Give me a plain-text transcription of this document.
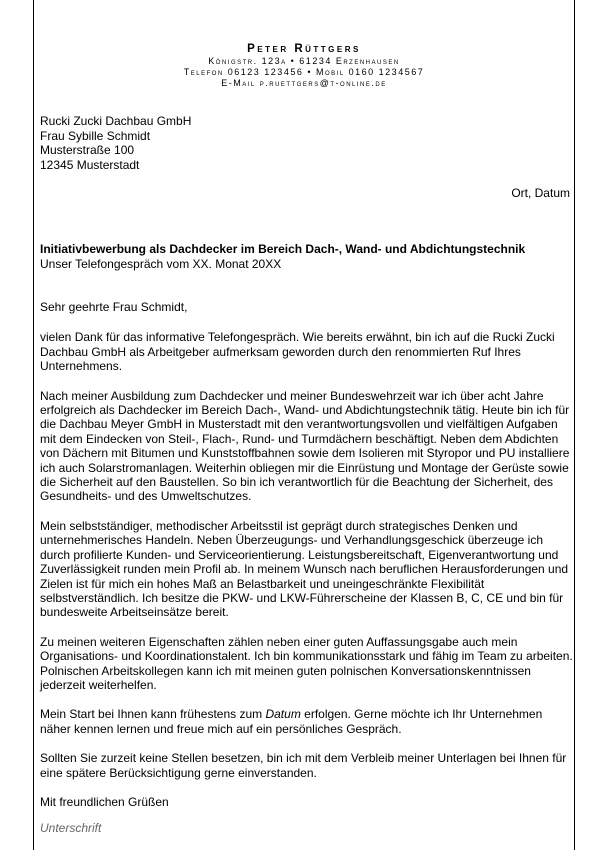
Peter Rüttgers
Königstr. 123a • 61234 Erzenhausen
Telefon 06123 123456 • Mobil 0160 1234567
E-Mail p.ruettgers@t-online.de
Rucki Zucki Dachbau GmbH
Frau Sybille Schmidt
Musterstraße 100
12345 Musterstadt
Ort, Datum
Initiativbewerbung als Dachdecker im Bereich Dach-, Wand- und Abdichtungstechnik
Unser Telefongespräch vom XX. Monat 20XX

Sehr geehrte Frau Schmidt,

vielen Dank für das informative Telefongespräch. Wie bereits erwähnt, bin ich auf die Rucki Zucki Dachbau GmbH als Arbeitgeber aufmerksam geworden durch den renommierten Ruf Ihres Unternehmens.

Nach meiner Ausbildung zum Dachdecker und meiner Bundeswehrzeit war ich über acht Jahre erfolgreich als Dachdecker im Bereich Dach-, Wand- und Abdichtungstechnik tätig. Heute bin ich für die Dachbau Meyer GmbH in Musterstadt mit den verantwortungsvollen und vielfältigen Aufgaben mit dem Eindecken von Steil-, Flach-, Rund- und Turmdächern beschäftigt. Neben dem Abdichten von Dächern mit Bitumen und Kunststoffbahnen sowie dem Isolieren mit Styropor und PU installiere ich auch Solarstromanlagen. Weiterhin obliegen mir die Einrüstung und Montage der Gerüste sowie die Sicherheit auf den Baustellen. So bin ich verantwortlich für die Beachtung der Sicherheit, des Gesundheits- und des Umweltschutzes.

Mein selbstständiger, methodischer Arbeitsstil ist geprägt durch strategisches Denken und unternehmerisches Handeln. Neben Überzeugungs- und Verhandlungsgeschick überzeuge ich durch profilierte Kunden- und Serviceorientierung. Leistungsbereitschaft, Eigenverantwortung und Zuverlässigkeit runden mein Profil ab. In meinem Wunsch nach beruflichen Herausforderungen und Zielen ist für mich ein hohes Maß an Belastbarkeit und uneingeschränkte Flexibilität selbstverständlich. Ich besitze die PKW- und LKW-Führerscheine der Klassen B, C, CE und bin für bundesweite Arbeitseinsätze bereit.

Zu meinen weiteren Eigenschaften zählen neben einer guten Auffassungsgabe auch mein Organisations- und Koordinationstalent. Ich bin kommunikationsstark und fähig im Team zu arbeiten. Polnischen Arbeitskollegen kann ich mit meinen guten polnischen Konversationskenntnissen jederzeit weiterhelfen.

Mein Start bei Ihnen kann frühestens zum Datum erfolgen. Gerne möchte ich Ihr Unternehmen näher kennen lernen und freue mich auf ein persönliches Gespräch.

Sollten Sie zurzeit keine Stellen besetzen, bin ich mit dem Verbleib meiner Unterlagen bei Ihnen für eine spätere Berücksichtigung gerne einverstanden.

Mit freundlichen Grüßen

Unterschrift
